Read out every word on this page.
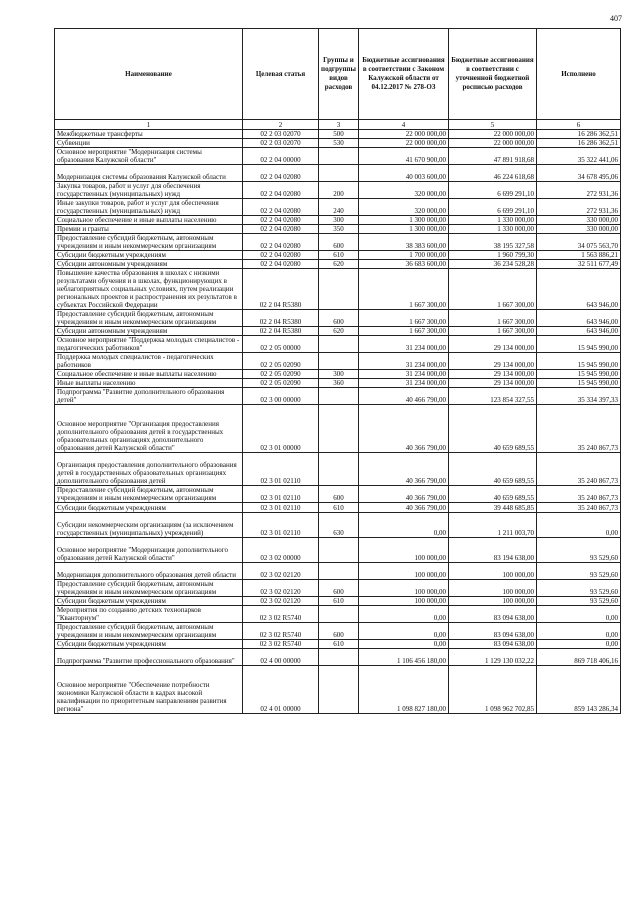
407
Наименование	Целевая статья	Группы и подгруппы видов расходов	Бюджетные ассигнования в соответствии с Законом Калужской области от 04.12.2017 № 278-ОЗ	Бюджетные ассигнования в соответствии с уточненной бюджетной росписью расходов	Исполнено
1	2	3	4	5	6
Межбюджетные трансферты	02 2 03 02070	500	22 000 000,00	22 000 000,00	16 286 362,51
Субвенции	02 2 03 02070	530	22 000 000,00	22 000 000,00	16 286 362,51
Основное мероприятие "Модернизация системы образования Калужской области"	02 2 04 00000		41 670 900,00	47 891 918,68	35 322 441,06
Модернизация системы образования Калужской области	02 2 04 02080		40 003 600,00	46 224 618,68	34 678 495,06
Закупка товаров, работ и услуг для обеспечения государственных (муниципальных) нужд	02 2 04 02080	200	320 000,00	6 699 291,10	272 931,36
Иные закупки товаров, работ и услуг для обеспечения государственных (муниципальных) нужд	02 2 04 02080	240	320 000,00	6 699 291,10	272 931,36
Социальное обеспечение и иные выплаты населению	02 2 04 02080	300	1 300 000,00	1 330 000,00	330 000,00
Премии и гранты	02 2 04 02080	350	1 300 000,00	1 330 000,00	330 000,00
Предоставление субсидий бюджетным, автономным учреждениям и иным некоммерческим организациям	02 2 04 02080	600	38 383 600,00	38 195 327,58	34 075 563,70
Субсидии бюджетным учреждениям	02 2 04 02080	610	1 700 000,00	1 960 799,30	1 563 886,21
Субсидии автономным учреждениям	02 2 04 02080	620	36 683 600,00	36 234 528,28	32 511 677,49
Повышение качества образования в школах с низкими результатами обучения и в школах, функционирующих в неблагоприятных социальных условиях, путем реализации региональных проектов и распространения их результатов в субъектах Российской Федерации	02 2 04 R5380		1 667 300,00	1 667 300,00	643 946,00
Предоставление субсидий бюджетным, автономным учреждениям и иным некоммерческим организациям	02 2 04 R5380	600	1 667 300,00	1 667 300,00	643 946,00
Субсидии автономным учреждениям	02 2 04 R5380	620	1 667 300,00	1 667 300,00	643 946,00
Основное мероприятие "Поддержка молодых специалистов - педагогических работников"	02 2 05 00000		31 234 000,00	29 134 000,00	15 945 990,00
Поддержка молодых специалистов - педагогических работников	02 2 05 02090		31 234 000,00	29 134 000,00	15 945 990,00
Социальное обеспечение и иные выплаты населению	02 2 05 02090	300	31 234 000,00	29 134 000,00	15 945 990,00
Иные выплаты населению	02 2 05 02090	360	31 234 000,00	29 134 000,00	15 945 990,00
Подпрограмма "Развитие дополнительного образования детей"	02 3 00 00000		40 466 790,00	123 854 327,55	35 334 397,33
Основное мероприятие "Организация предоставления дополнительного образования детей в государственных образовательных организациях дополнительного образования детей Калужской области"	02 3 01 00000		40 366 790,00	40 659 689,55	35 240 867,73
Организация предоставления дополнительного образования детей в государственных образовательных организациях дополнительного образования детей	02 3 01 02110		40 366 790,00	40 659 689,55	35 240 867,73
Предоставление субсидий бюджетным, автономным учреждениям и иным некоммерческим организациям	02 3 01 02110	600	40 366 790,00	40 659 689,55	35 240 867,73
Субсидии бюджетным учреждениям	02 3 01 02110	610	40 366 790,00	39 448 685,85	35 240 867,73
Субсидии некоммерческим организациям (за исключением государственных (муниципальных) учреждений)	02 3 01 02110	630	0,00	1 211 003,70	0,00
Основное мероприятие "Модернизация дополнительного образования детей Калужской области"	02 3 02 00000		100 000,00	83 194 638,00	93 529,60
Модернизация дополнительного образования детей области	02 3 02 02120		100 000,00	100 000,00	93 529,60
Предоставление субсидий бюджетным, автономным учреждениям и иным некоммерческим организациям	02 3 02 02120	600	100 000,00	100 000,00	93 529,60
Субсидии бюджетным учреждениям	02 3 02 02120	610	100 000,00	100 000,00	93 529,60
Мероприятия по созданию детских технопарков "Кванториум"	02 3 02 R5740		0,00	83 094 638,00	0,00
Предоставление субсидий бюджетным, автономным учреждениям и иным некоммерческим организациям	02 3 02 R5740	600	0,00	83 094 638,00	0,00
Субсидии бюджетным учреждениям	02 3 02 R5740	610	0,00	83 094 638,00	0,00
Подпрограмма "Развитие профессионального образования"	02 4 00 00000		1 106 456 180,00	1 129 130 032,22	869 718 406,16
Основное мероприятие "Обеспечение потребности экономики Калужской области в кадрах высокой квалификации по приоритетным направлениям развития региона"	02 4 01 00000		1 098 827 180,00	1 098 962 702,85	859 143 286,34
